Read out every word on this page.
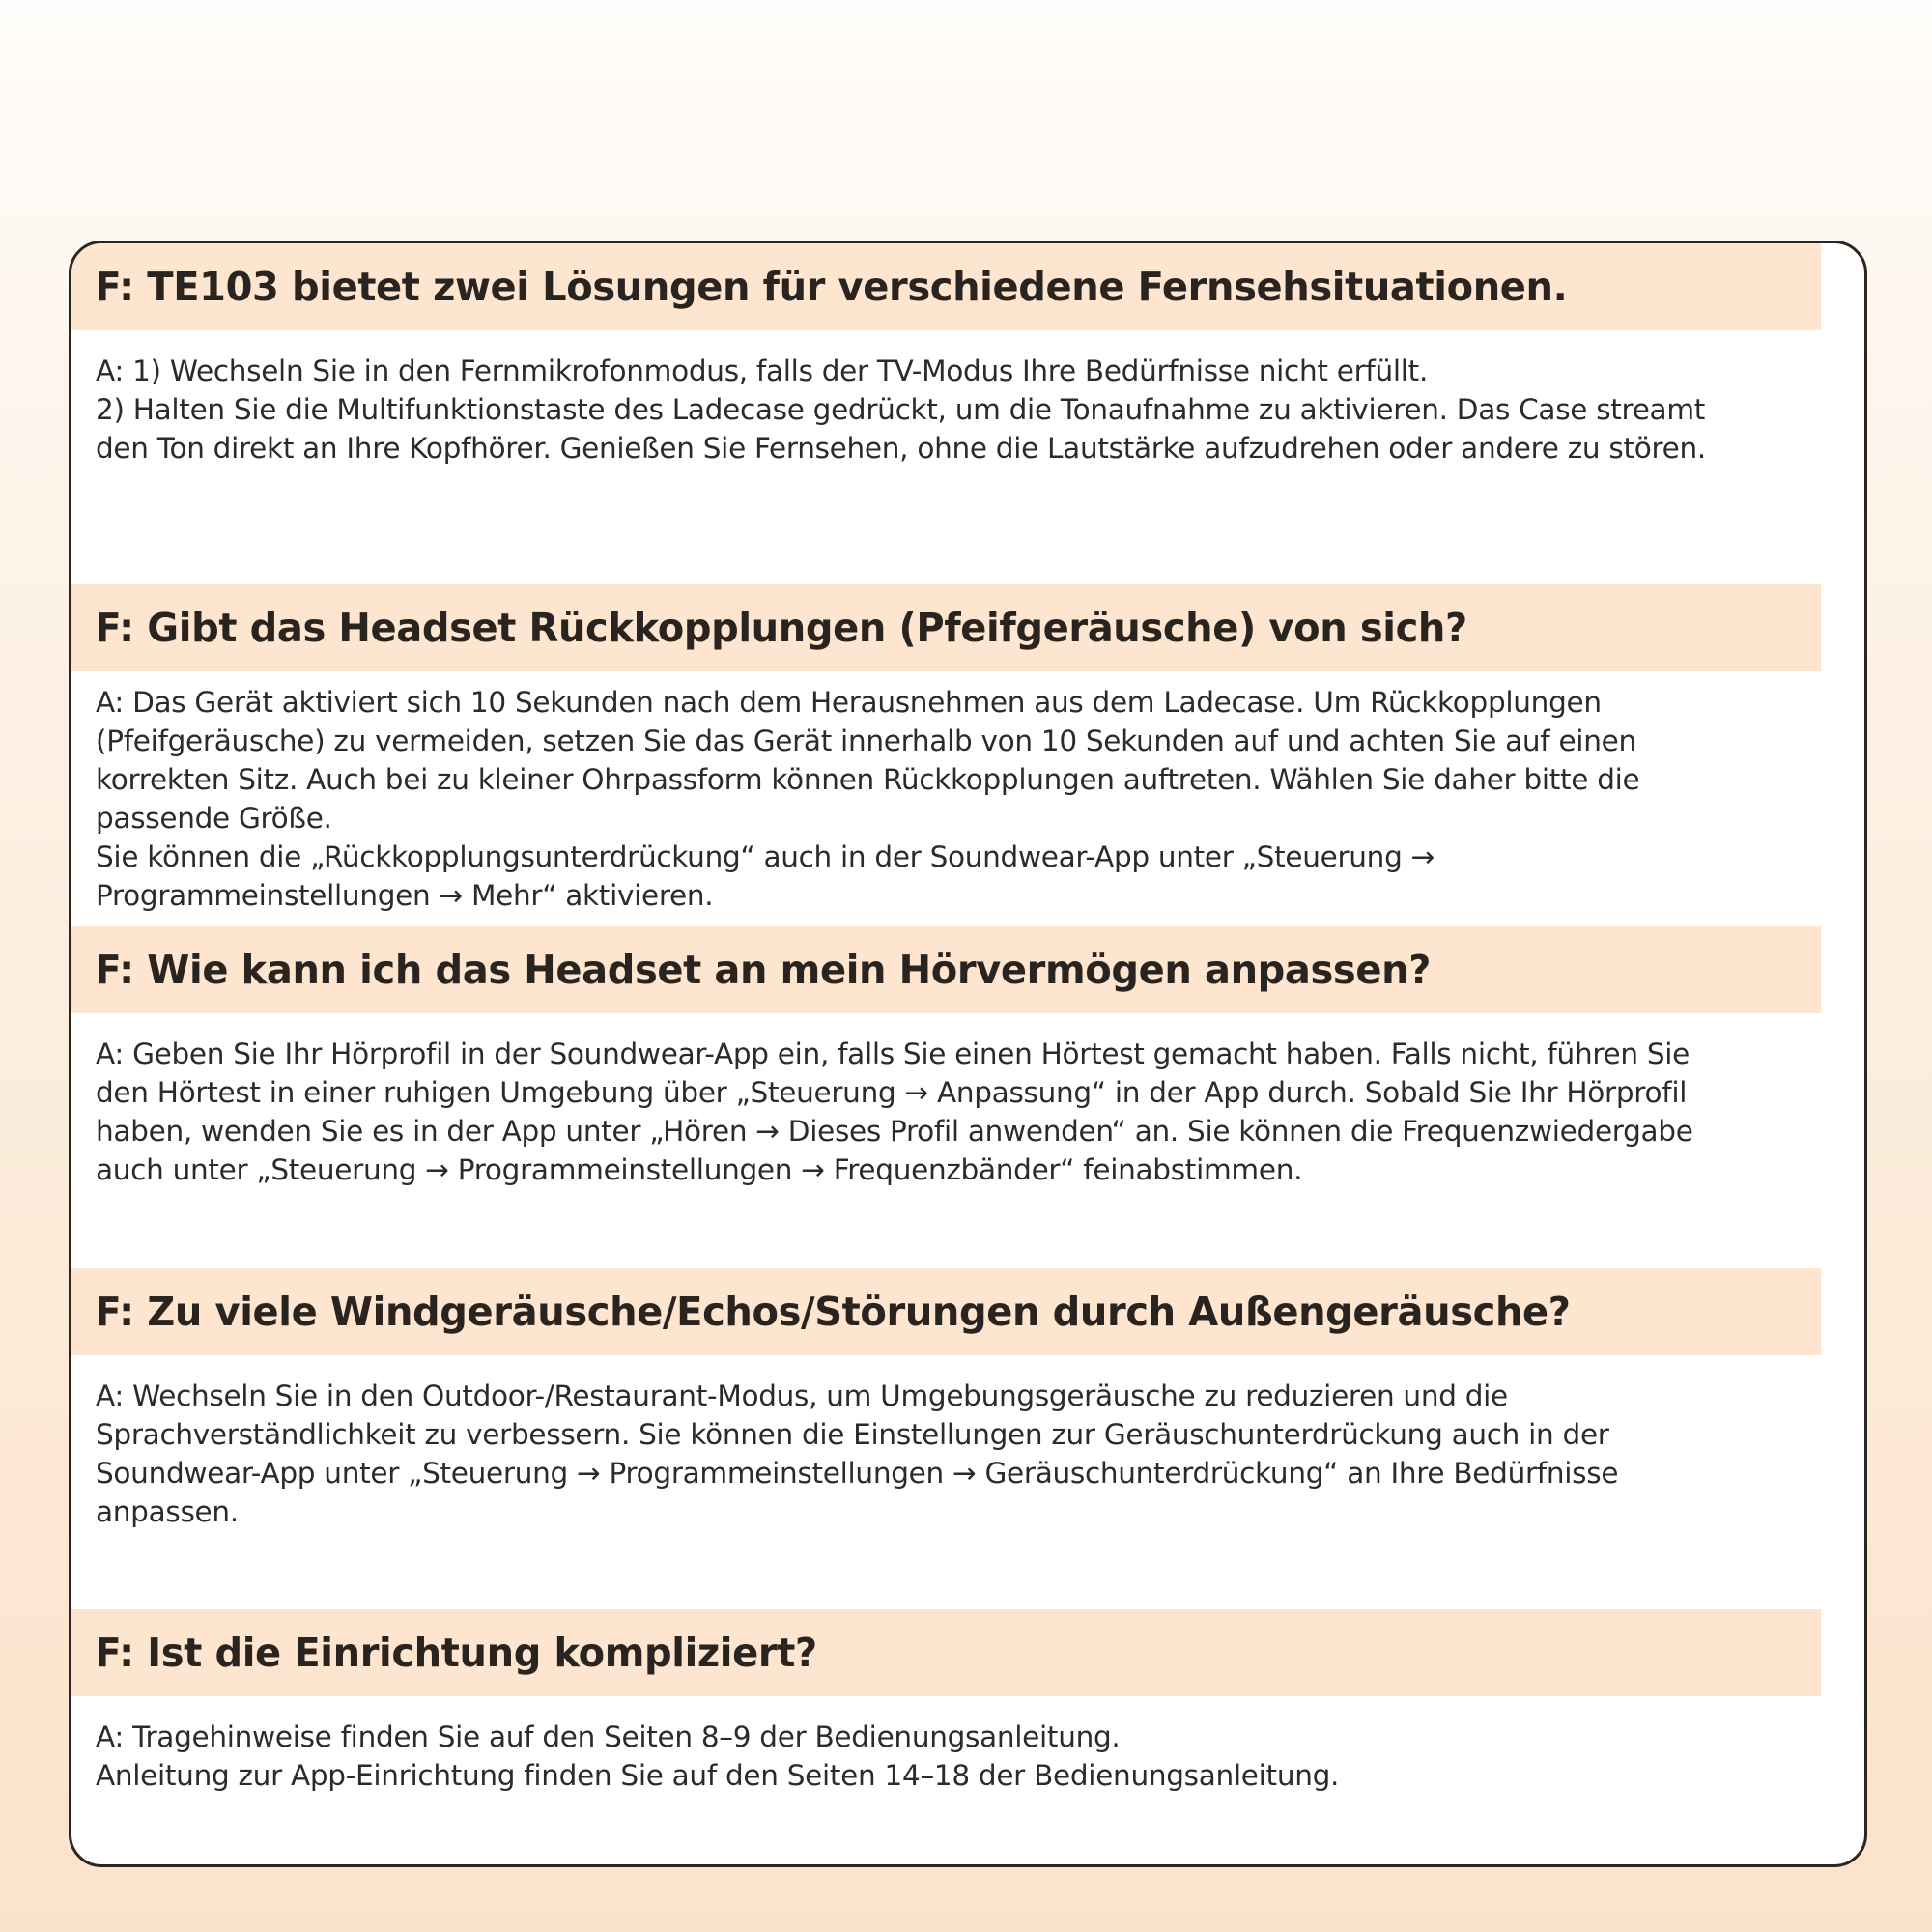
F: TE103 bietet zwei Lösungen für verschiedene Fernsehsituationen.
A: 1) Wechseln Sie in den Fernmikrofonmodus, falls der TV-Modus Ihre Bedürfnisse nicht erfüllt.
2) Halten Sie die Multifunktionstaste des Ladecase gedrückt, um die Tonaufnahme zu aktivieren. Das Case streamt
den Ton direkt an Ihre Kopfhörer. Genießen Sie Fernsehen, ohne die Lautstärke aufzudrehen oder andere zu stören.
F: Gibt das Headset Rückkopplungen (Pfeifgeräusche) von sich?
A: Das Gerät aktiviert sich 10 Sekunden nach dem Herausnehmen aus dem Ladecase. Um Rückkopplungen
(Pfeifgeräusche) zu vermeiden, setzen Sie das Gerät innerhalb von 10 Sekunden auf und achten Sie auf einen
korrekten Sitz. Auch bei zu kleiner Ohrpassform können Rückkopplungen auftreten. Wählen Sie daher bitte die
passende Größe.
Sie können die „Rückkopplungsunterdrückung“ auch in der Soundwear-App unter „Steuerung →
Programmeinstellungen → Mehr“ aktivieren.
F: Wie kann ich das Headset an mein Hörvermögen anpassen?
A: Geben Sie Ihr Hörprofil in der Soundwear-App ein, falls Sie einen Hörtest gemacht haben. Falls nicht, führen Sie
den Hörtest in einer ruhigen Umgebung über „Steuerung → Anpassung“ in der App durch. Sobald Sie Ihr Hörprofil
haben, wenden Sie es in der App unter „Hören → Dieses Profil anwenden“ an. Sie können die Frequenzwiedergabe
auch unter „Steuerung → Programmeinstellungen → Frequenzbänder“ feinabstimmen.
F: Zu viele Windgeräusche/Echos/Störungen durch Außengeräusche?
A: Wechseln Sie in den Outdoor-/Restaurant-Modus, um Umgebungsgeräusche zu reduzieren und die
Sprachverständlichkeit zu verbessern. Sie können die Einstellungen zur Geräuschunterdrückung auch in der
Soundwear-App unter „Steuerung → Programmeinstellungen → Geräuschunterdrückung“ an Ihre Bedürfnisse
anpassen.
F: Ist die Einrichtung kompliziert?
A: Tragehinweise finden Sie auf den Seiten 8–9 der Bedienungsanleitung.
Anleitung zur App-Einrichtung finden Sie auf den Seiten 14–18 der Bedienungsanleitung.
